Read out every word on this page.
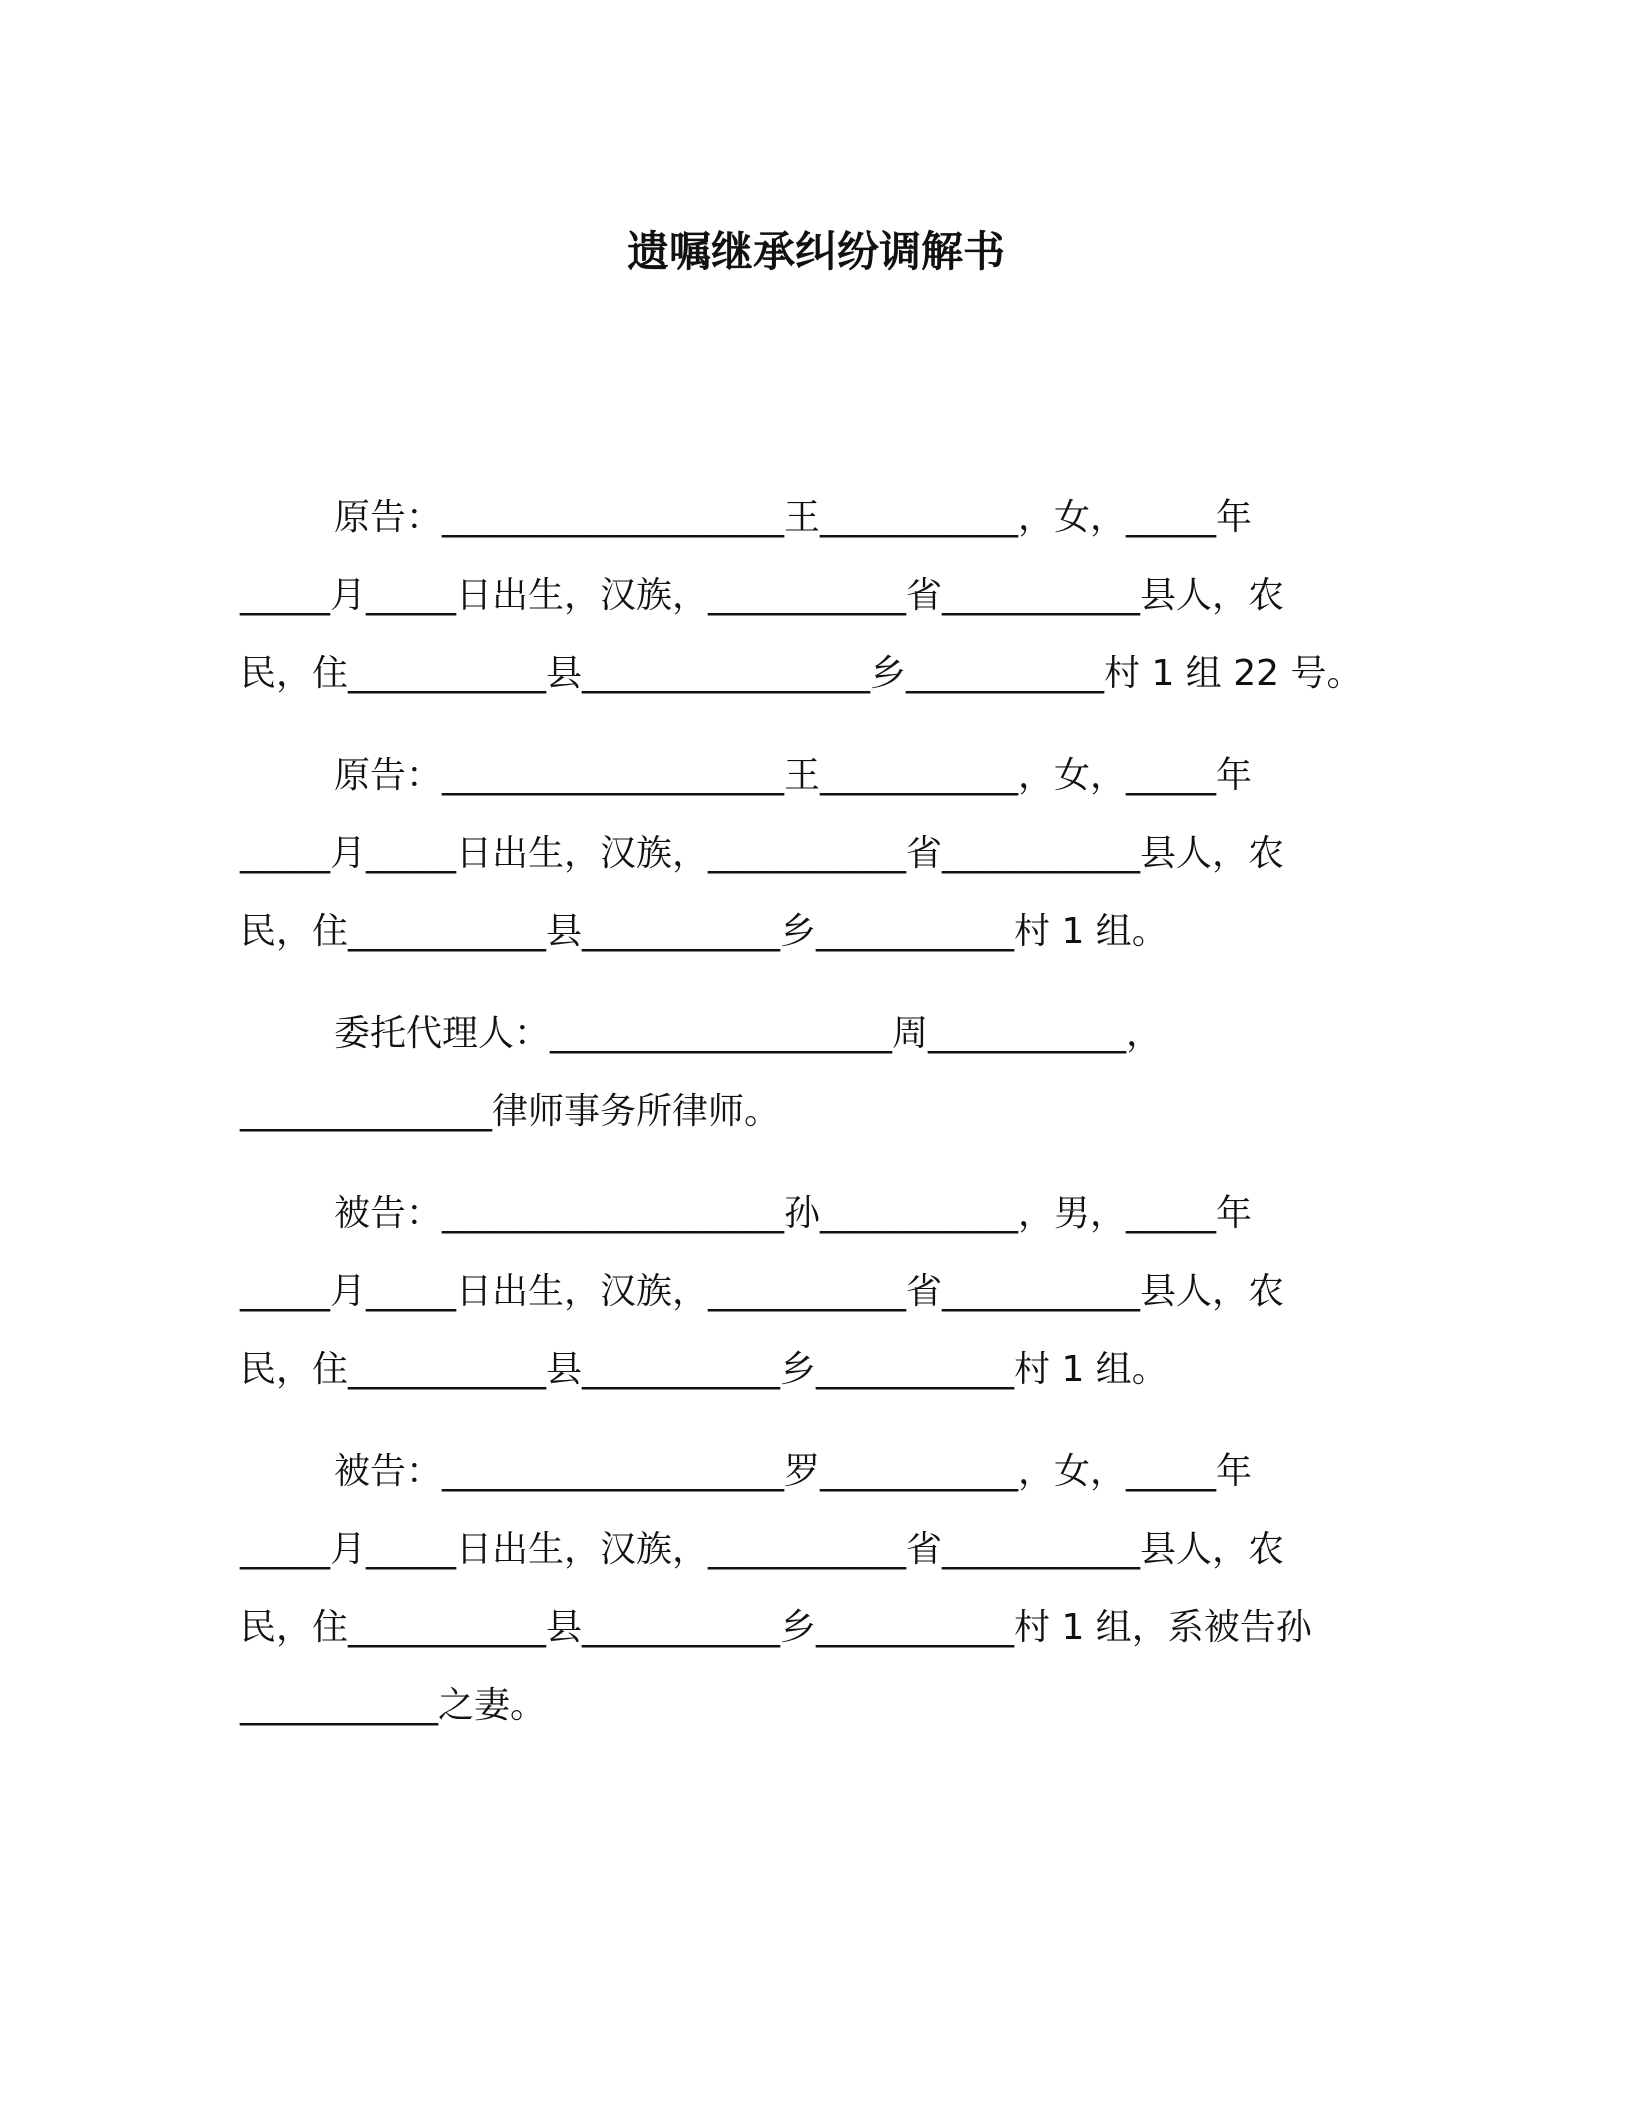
遗嘱继承纠纷调解书
原告：___________________王___________，女，_____年
_____月_____日出生，汉族，___________省___________县人，农
民，住___________县________________乡___________村 1 组 22 号。
原告：___________________王___________，女，_____年
_____月_____日出生，汉族，___________省___________县人，农
民，住___________县___________乡___________村 1 组。
委托代理人：___________________周___________，
______________律师事务所律师。
被告：___________________孙___________，男，_____年
_____月_____日出生，汉族，___________省___________县人，农
民，住___________县___________乡___________村 1 组。
被告：___________________罗___________，女，_____年
_____月_____日出生，汉族，___________省___________县人，农
民，住___________县___________乡___________村 1 组，系被告孙
___________之妻。
